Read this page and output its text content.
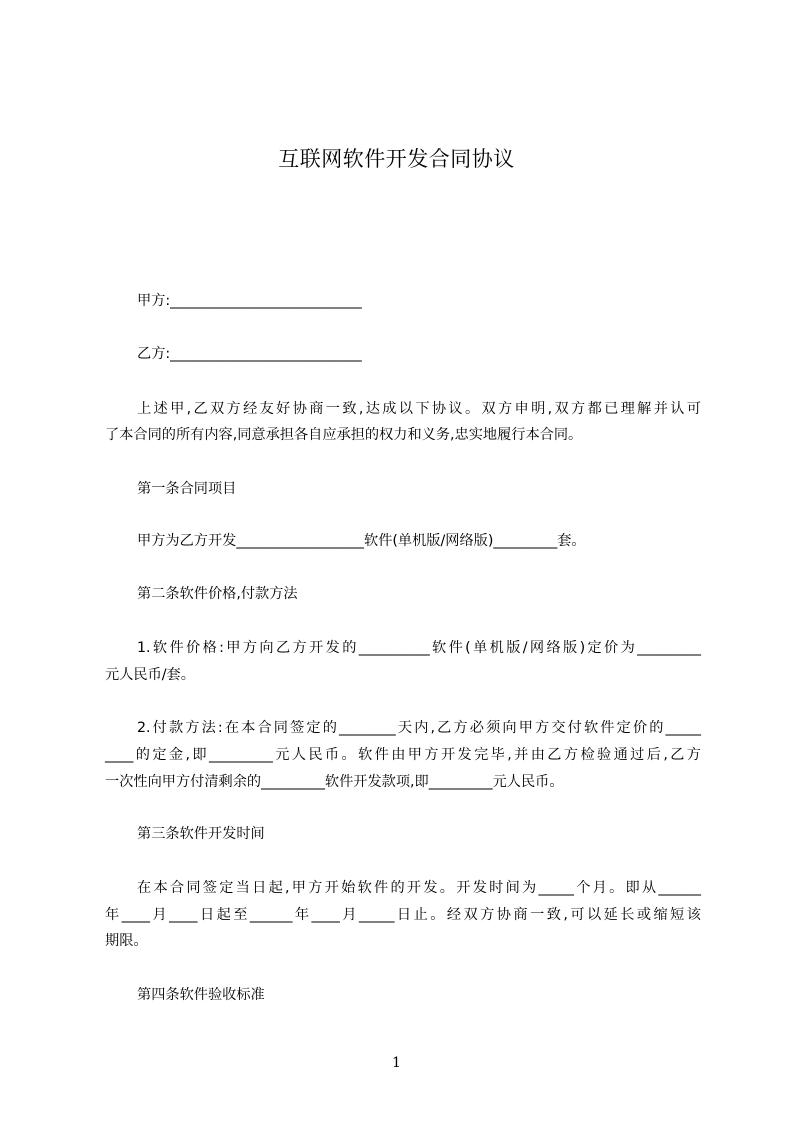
互联网软件开发合同协议
甲方:___________________________
乙方:___________________________
上述甲,乙双方经友好协商一致,达成以下协议。双方申明,双方都已理解并认可
了本合同的所有内容,同意承担各自应承担的权力和义务,忠实地履行本合同。
第一条合同项目
甲方为乙方开发__________________软件(单机版/网络版)_________套。
第二条软件价格,付款方法
1.软件价格:甲方向乙方开发的__________软件(单机版/网络版)定价为_________
元人民币/套。
2.付款方法:在本合同签定的________天内,乙方必须向甲方交付软件定价的_____
____的定金,即_________元人民币。软件由甲方开发完毕,并由乙方检验通过后,乙方
一次性向甲方付清剩余的_________软件开发款项,即_________元人民币。
第三条软件开发时间
在本合同签定当日起,甲方开始软件的开发。开发时间为_____个月。即从______
年____月____日起至______年____月_____日止。经双方协商一致,可以延长或缩短该
期限。
第四条软件验收标准
1
